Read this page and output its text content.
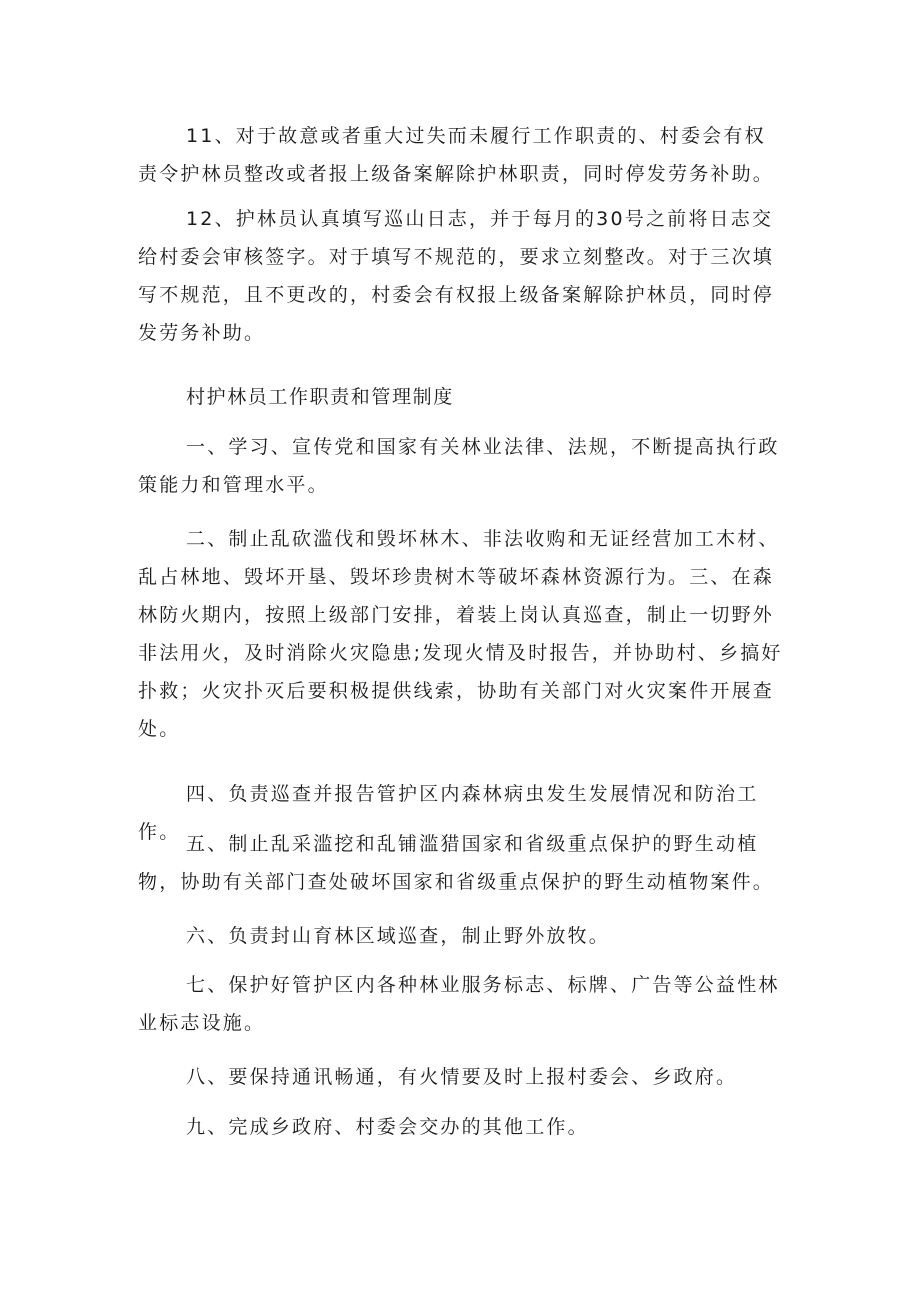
11、对于故意或者重大过失而未履行工作职责的、村委会有权责令护林员整改或者报上级备案解除护林职责，同时停发劳务补助。

12、护林员认真填写巡山日志，并于每月的30号之前将日志交给村委会审核签字。对于填写不规范的，要求立刻整改。对于三次填写不规范，且不更改的，村委会有权报上级备案解除护林员，同时停发劳务补助。

村护林员工作职责和管理制度

一、学习、宣传党和国家有关林业法律、法规，不断提高执行政策能力和管理水平。

二、制止乱砍滥伐和毁坏林木、非法收购和无证经营加工木材、乱占林地、毁坏开垦、毁坏珍贵树木等破坏森林资源行为。三、在森林防火期内，按照上级部门安排，着装上岗认真巡查，制止一切野外非法用火，及时消除火灾隐患;发现火情及时报告，并协助村、乡搞好扑救；火灾扑灭后要积极提供线索，协助有关部门对火灾案件开展查处。

四、负责巡查并报告管护区内森林病虫发生发展情况和防治工作。

五、制止乱采滥挖和乱铺滥猎国家和省级重点保护的野生动植物，协助有关部门查处破坏国家和省级重点保护的野生动植物案件。

六、负责封山育林区域巡查，制止野外放牧。

七、保护好管护区内各种林业服务标志、标牌、广告等公益性林业标志设施。

八、要保持通讯畅通，有火情要及时上报村委会、乡政府。

九、完成乡政府、村委会交办的其他工作。
